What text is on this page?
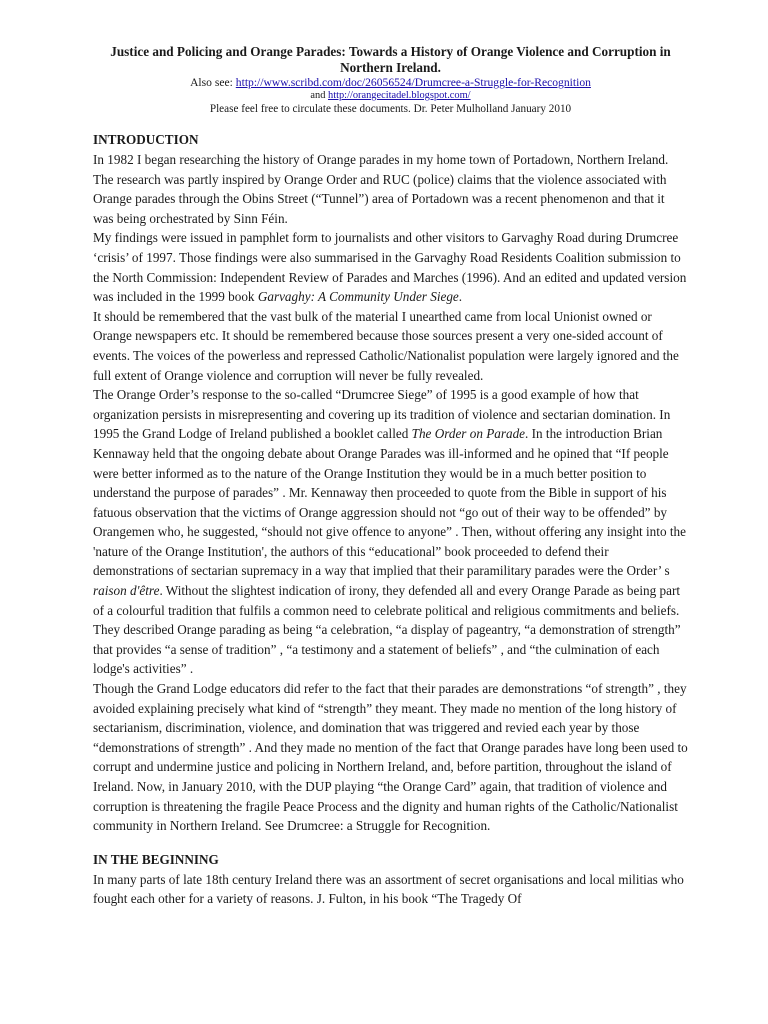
Justice and Policing and Orange Parades: Towards a History of Orange Violence and Corruption in Northern Ireland.
Also see: http://www.scribd.com/doc/26056524/Drumcree-a-Struggle-for-Recognition
and http://orangecitadel.blogspot.com/
Please feel free to circulate these documents. Dr. Peter Mulholland January 2010
INTRODUCTION

In 1982 I began researching the history of Orange parades in my home town of Portadown, Northern Ireland. The research was partly inspired by Orange Order and RUC (police) claims that the violence associated with Orange parades through the Obins Street (“Tunnel”) area of Portadown was a recent phenomenon and that it was being orchestrated by Sinn Féin.

My findings were issued in pamphlet form to journalists and other visitors to Garvaghy Road during Drumcree ‘crisis’ of 1997. Those findings were also summarised in the Garvaghy Road Residents Coalition submission to the North Commission: Independent Review of Parades and Marches (1996). And an edited and updated version was included in the 1999 book Garvaghy: A Community Under Siege.

It should be remembered that the vast bulk of the material I unearthed came from local Unionist owned or Orange newspapers etc. It should be remembered because those sources present a very one-sided account of events. The voices of the powerless and repressed Catholic/Nationalist population were largely ignored and the full extent of Orange violence and corruption will never be fully revealed.

The Orange Order’s response to the so-called “Drumcree Siege” of 1995 is a good example of how that organization persists in misrepresenting and covering up its tradition of violence and sectarian domination. In 1995 the Grand Lodge of Ireland published a booklet called The Order on Parade. In the introduction Brian Kennaway held that the ongoing debate about Orange Parades was ill-informed and he opined that “If people were better informed as to the nature of the Orange Institution they would be in a much better position to understand the purpose of parades” . Mr. Kennaway then proceeded to quote from the Bible in support of his fatuous observation that the victims of Orange aggression should not “go out of their way to be offended” by Orangemen who, he suggested, “should not give offence to anyone” . Then, without offering any insight into the 'nature of the Orange Institution', the authors of this “educational” book proceeded to defend their demonstrations of sectarian supremacy in a way that implied that their paramilitary parades were the Order’ s raison d'être. Without the slightest indication of irony, they defended all and every Orange Parade as being part of a colourful tradition that fulfils a common need to celebrate political and religious commitments and beliefs. They described Orange parading as being “a celebration, “a display of pageantry, “a demonstration of strength” that provides “a sense of tradition” , “a testimony and a statement of beliefs” , and “the culmination of each lodge's activities” .

Though the Grand Lodge educators did refer to the fact that their parades are demonstrations “of strength” , they avoided explaining precisely what kind of “strength” they meant. They made no mention of the long history of sectarianism, discrimination, violence, and domination that was triggered and revied each year by those “demonstrations of strength” . And they made no mention of the fact that Orange parades have long been used to corrupt and undermine justice and policing in Northern Ireland, and, before partition, throughout the island of Ireland. Now, in January 2010, with the DUP playing “the Orange Card” again, that tradition of violence and corruption is threatening the fragile Peace Process and the dignity and human rights of the Catholic/Nationalist community in Northern Ireland. See Drumcree: a Struggle for Recognition.

IN THE BEGINNING

In many parts of late 18th century Ireland there was an assortment of secret organisations and local militias who fought each other for a variety of reasons. J. Fulton, in his book “The Tragedy Of
